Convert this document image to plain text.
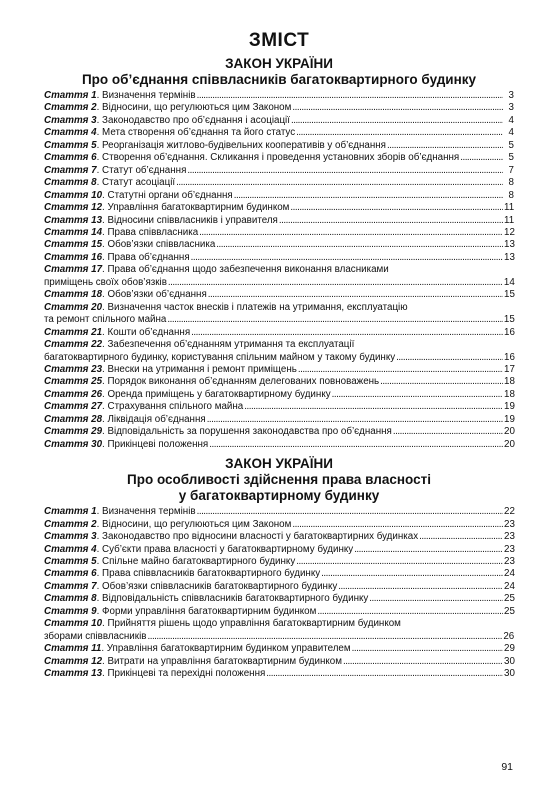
ЗМІСТ
ЗАКОН УКРАЇНИ
Про об’єднання співвласників багатоквартирного будинку
Стаття 1. Визначення термінів . . .	3
Стаття 2. Відносини, що регулюються цим Законом . . .	3
Стаття 3. Законодавство про об’єднання і асоціації . . .	4
Стаття 4. Мета створення об’єднання та його статус . . .	4
Стаття 5. Реорганізація житлово-будівельних кооперативів у об’єднання . . .	5
Стаття 6. Створення об’єднання. Скликання і проведення установних зборів об’єднання . . .	5
Стаття 7. Статут об’єднання . . .	7
Стаття 8. Статут асоціації . . .	8
Стаття 10. Статутні органи об’єднання . . .	8
Стаття 12. Управління багатоквартирним будинком . . .	11
Стаття 13. Відносини співвласників і управителя . . .	11
Стаття 14. Права співвласника . . .	12
Стаття 15. Обов’язки співвласника . . .	13
Стаття 16. Права об’єднання . . .	13
Стаття 17. Права об’єднання щодо забезпечення виконання власниками
приміщень своїх обов’язків . . .	14
Стаття 18. Обов’язки об’єднання . . .	15
Стаття 20. Визначення часток внесків і платежів на утримання, експлуатацію
та ремонт спільного майна . . .	15
Стаття 21. Кошти об’єднання . . .	16
Стаття 22. Забезпечення об’єднанням утримання та експлуатації
багатоквартирного будинку, користування спільним майном у такому будинку . . .	16
Стаття 23. Внески на утримання і ремонт приміщень . . .	17
Стаття 25. Порядок виконання об’єднанням делегованих повноважень . . .	18
Стаття 26. Оренда приміщень у багатоквартирному будинку . . .	18
Стаття 27. Страхування спільного майна . . .	19
Стаття 28. Ліквідація об’єднання . . .	19
Стаття 29. Відповідальність за порушення законодавства про об’єднання . . .	20
Стаття 30. Прикінцеві положення . . .	20
ЗАКОН УКРАЇНИ
Про особливості здійснення права власності
у багатоквартирному будинку
Стаття 1. Визначення термінів . . .	22
Стаття 2. Відносини, що регулюються цим Законом . . .	23
Стаття 3. Законодавство про відносини власності у багатоквартирних будинках . . .	23
Стаття 4. Суб’єкти права власності у багатоквартирному будинку . . .	23
Стаття 5. Спільне майно багатоквартирного будинку . . .	23
Стаття 6. Права співвласників багатоквартирного будинку . . .	24
Стаття 7. Обов’язки співвласників багатоквартирного будинку . . .	24
Стаття 8. Відповідальність співвласників багатоквартирного будинку . . .	25
Стаття 9. Форми управління багатоквартирним будинком . . .	25
Стаття 10. Прийняття рішень щодо управління багатоквартирним будинком
зборами співвласників . . .	26
Стаття 11. Управління багатоквартирним будинком управителем . . .	29
Стаття 12. Витрати на управління багатоквартирним будинком . . .	30
Стаття 13. Прикінцеві та перехідні положення . . .	30
91
